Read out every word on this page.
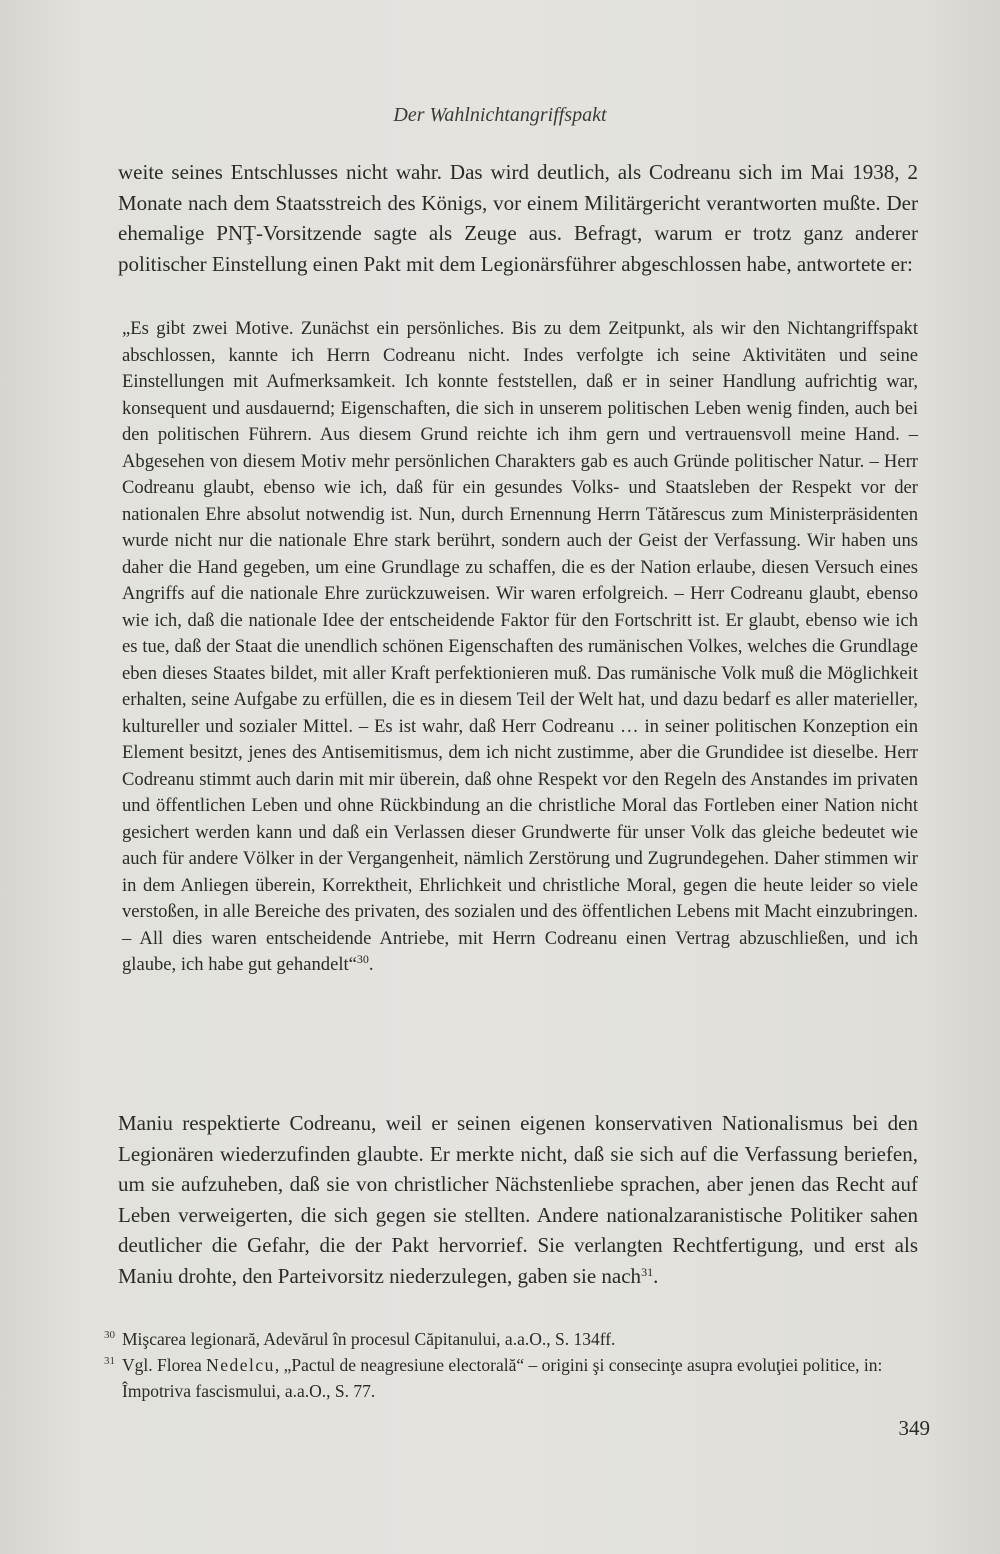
Der Wahlnichtangriffspakt
weite seines Entschlusses nicht wahr. Das wird deutlich, als Codreanu sich im Mai 1938, 2 Monate nach dem Staatsstreich des Königs, vor einem Militärgericht verantworten mußte. Der ehemalige PNŢ-Vorsitzende sagte als Zeuge aus. Befragt, warum er trotz ganz anderer politischer Einstellung einen Pakt mit dem Legionärsführer abgeschlossen habe, antwortete er:
„Es gibt zwei Motive. Zunächst ein persönliches. Bis zu dem Zeitpunkt, als wir den Nichtangriffspakt abschlossen, kannte ich Herrn Codreanu nicht. Indes verfolgte ich seine Aktivitäten und seine Einstellungen mit Aufmerksamkeit. Ich konnte feststellen, daß er in seiner Handlung aufrichtig war, konsequent und ausdauernd; Eigenschaften, die sich in unserem politischen Leben wenig finden, auch bei den politischen Führern. Aus diesem Grund reichte ich ihm gern und vertrauensvoll meine Hand. – Abgesehen von diesem Motiv mehr persönlichen Charakters gab es auch Gründe politischer Natur. – Herr Codreanu glaubt, ebenso wie ich, daß für ein gesundes Volks- und Staatsleben der Respekt vor der nationalen Ehre absolut notwendig ist. Nun, durch Ernennung Herrn Tătărescus zum Ministerpräsidenten wurde nicht nur die nationale Ehre stark berührt, sondern auch der Geist der Verfassung. Wir haben uns daher die Hand gegeben, um eine Grundlage zu schaffen, die es der Nation erlaube, diesen Versuch eines Angriffs auf die nationale Ehre zurückzuweisen. Wir waren erfolgreich. – Herr Codreanu glaubt, ebenso wie ich, daß die nationale Idee der entscheidende Faktor für den Fortschritt ist. Er glaubt, ebenso wie ich es tue, daß der Staat die unendlich schönen Eigenschaften des rumänischen Volkes, welches die Grundlage eben dieses Staates bildet, mit aller Kraft perfektionieren muß. Das rumänische Volk muß die Möglichkeit erhalten, seine Aufgabe zu erfüllen, die es in diesem Teil der Welt hat, und dazu bedarf es aller materieller, kultureller und sozialer Mittel. – Es ist wahr, daß Herr Codreanu … in seiner politischen Konzeption ein Element besitzt, jenes des Antisemitismus, dem ich nicht zustimme, aber die Grundidee ist dieselbe. Herr Codreanu stimmt auch darin mit mir überein, daß ohne Respekt vor den Regeln des Anstandes im privaten und öffentlichen Leben und ohne Rückbindung an die christliche Moral das Fortleben einer Nation nicht gesichert werden kann und daß ein Verlassen dieser Grundwerte für unser Volk das gleiche bedeutet wie auch für andere Völker in der Vergangenheit, nämlich Zerstörung und Zugrundegehen. Daher stimmen wir in dem Anliegen überein, Korrektheit, Ehrlichkeit und christliche Moral, gegen die heute leider so viele verstoßen, in alle Bereiche des privaten, des sozialen und des öffentlichen Lebens mit Macht einzubringen. – All dies waren entscheidende Antriebe, mit Herrn Codreanu einen Vertrag abzuschließen, und ich glaube, ich habe gut gehandelt“$^{30}$.
Maniu respektierte Codreanu, weil er seinen eigenen konservativen Nationalismus bei den Legionären wiederzufinden glaubte. Er merkte nicht, daß sie sich auf die Verfassung beriefen, um sie aufzuheben, daß sie von christlicher Nächstenliebe sprachen, aber jenen das Recht auf Leben verweigerten, die sich gegen sie stellten. Andere nationalzaranistische Politiker sahen deutlicher die Gefahr, die der Pakt hervorrief. Sie verlangten Rechtfertigung, und erst als Maniu drohte, den Parteivorsitz niederzulegen, gaben sie nach$^{31}$.
30 Mişcarea legionară, Adevărul în procesul Căpitanului, a.a.O., S. 134ff.
31 Vgl. Florea Nedelcu, „Pactul de neagresiune electorală“ – origini şi consecinţe asupra evoluţiei politice, in: Împotriva fascismului, a.a.O., S. 77.
349
